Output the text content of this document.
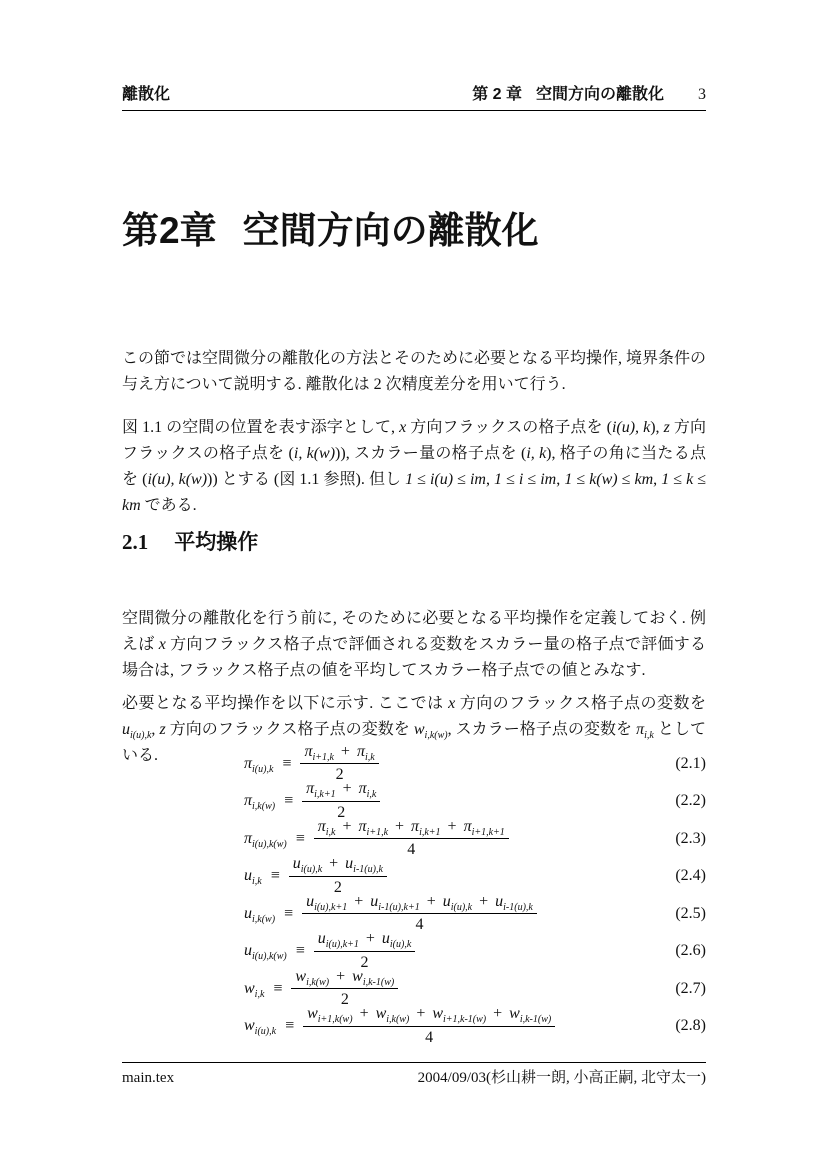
離散化	第 2 章 空間方向の離散化 3
第2章 空間方向の離散化

この節では空間微分の離散化の方法とそのために必要となる平均操作, 境界条件の与え方について説明する. 離散化は 2 次精度差分を用いて行う.

図 1.1 の空間の位置を表す添字として, x 方向フラックスの格子点を (i(u), k), z 方向フラックスの格子点を (i, k(w))), スカラー量の格子点を (i, k), 格子の角に当たる点を (i(u), k(w))) とする (図 1.1 参照). 但し 1 ≤ i(u) ≤ im, 1 ≤ i ≤ im, 1 ≤ k(w) ≤ km, 1 ≤ k ≤ km である.

2.1 平均操作

空間微分の離散化を行う前に, そのために必要となる平均操作を定義しておく. 例えば x 方向フラックス格子点で評価される変数をスカラー量の格子点で評価する場合は, フラックス格子点の値を平均してスカラー格子点での値とみなす.

必要となる平均操作を以下に示す. ここでは x 方向のフラックス格子点の変数を $u_{i(u),k}$, z 方向のフラックス格子点の変数を $w_{i,k(w)}$, スカラー格子点の変数を $\pi_{i,k}$ としている.	$\pi_{i(u),k} \equiv \frac{\pi_{i+1,k} + \pi_{i,k}}{2}$	(2.1)
$\pi_{i,k(w)} \equiv \frac{\pi_{i,k+1} + \pi_{i,k}}{2}$	(2.2)
$\pi_{i(u),k(w)} \equiv \frac{\pi_{i,k} + \pi_{i+1,k} + \pi_{i,k+1} + \pi_{i+1,k+1}}{4}$	(2.3)
$u_{i,k} \equiv \frac{u_{i(u),k} + u_{i-1(u),k}}{2}$	(2.4)
$u_{i,k(w)} \equiv \frac{u_{i(u),k+1} + u_{i-1(u),k+1} + u_{i(u),k} + u_{i-1(u),k}}{4}$	(2.5)
$u_{i(u),k(w)} \equiv \frac{u_{i(u),k+1} + u_{i(u),k}}{2}$	(2.6)
$w_{i,k} \equiv \frac{w_{i,k(w)} + w_{i,k-1(w)}}{2}$	(2.7)
$w_{i(u),k} \equiv \frac{w_{i+1,k(w)} + w_{i,k(w)} + w_{i+1,k-1(w)} + w_{i,k-1(w)}}{4}$	(2.8)
main.tex	2004/09/03(杉山耕一朗, 小高正嗣, 北守太一)
